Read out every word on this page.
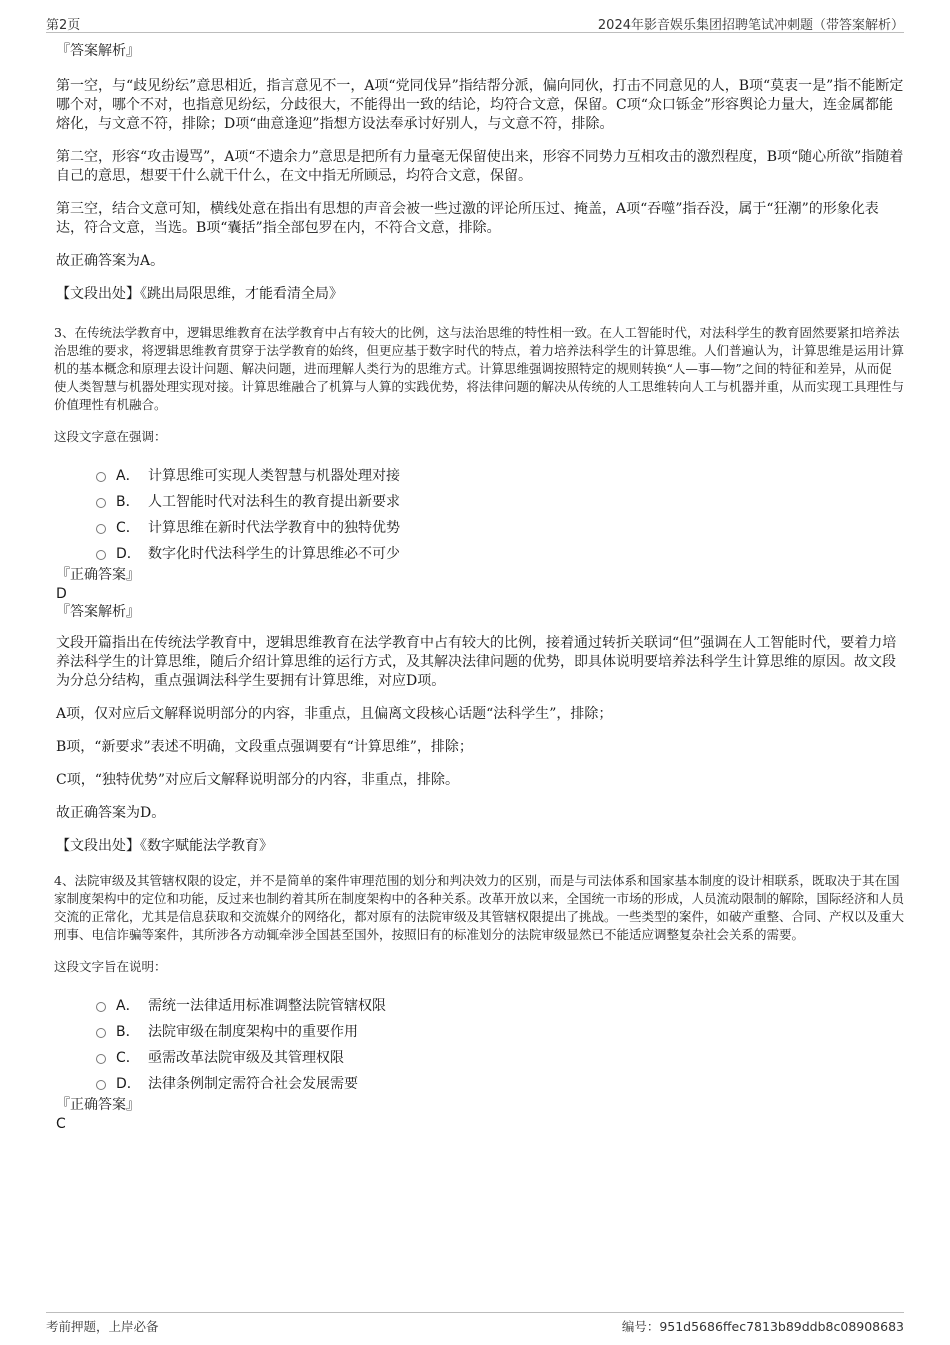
第2页	2024年影音娱乐集团招聘笔试冲刺题（带答案解析）

『答案解析』

第一空，与“歧见纷纭”意思相近，指言意见不一，A项“党同伐异”指结帮分派，偏向同伙，打击不同意见的人，B项“莫衷一是”指不能断定哪个对，哪个不对，也指意见纷纭，分歧很大，不能得出一致的结论，均符合文意，保留。C项“众口铄金”形容舆论力量大，连金属都能熔化，与文意不符，排除；D项“曲意逢迎”指想方设法奉承讨好别人，与文意不符，排除。

第二空，形容“攻击谩骂”，A项“不遗余力”意思是把所有力量毫无保留使出来，形容不同势力互相攻击的激烈程度，B项“随心所欲”指随着自己的意思，想要干什么就干什么，在文中指无所顾忌，均符合文意，保留。

第三空，结合文意可知，横线处意在指出有思想的声音会被一些过激的评论所压过、掩盖，A项“吞噬”指吞没，属于“狂潮”的形象化表达，符合文意，当选。B项“囊括”指全部包罗在内，不符合文意，排除。

故正确答案为A。

【文段出处】《跳出局限思维，才能看清全局》

3、在传统法学教育中，逻辑思维教育在法学教育中占有较大的比例，这与法治思维的特性相一致。在人工智能时代，对法科学生的教育固然要紧扣培养法治思维的要求，将逻辑思维教育贯穿于法学教育的始终，但更应基于数字时代的特点，着力培养法科学生的计算思维。人们普遍认为，计算思维是运用计算机的基本概念和原理去设计问题、解决问题，进而理解人类行为的思维方式。计算思维强调按照特定的规则转换“人—事—物”之间的特征和差异，从而促使人类智慧与机器处理实现对接。计算思维融合了机算与人算的实践优势，将法律问题的解决从传统的人工思维转向人工与机器并重，从而实现工具理性与价值理性有机融合。

这段文字意在强调：

A． 计算思维可实现人类智慧与机器处理对接
B． 人工智能时代对法科生的教育提出新要求
C． 计算思维在新时代法学教育中的独特优势
D． 数字化时代法科学生的计算思维必不可少

『正确答案』

D

『答案解析』

文段开篇指出在传统法学教育中，逻辑思维教育在法学教育中占有较大的比例，接着通过转折关联词“但”强调在人工智能时代，要着力培养法科学生的计算思维，随后介绍计算思维的运行方式，及其解决法律问题的优势，即具体说明要培养法科学生计算思维的原因。故文段为分总分结构，重点强调法科学生要拥有计算思维，对应D项。

A项，仅对应后文解释说明部分的内容，非重点，且偏离文段核心话题“法科学生”，排除；

B项，“新要求”表述不明确，文段重点强调要有“计算思维”，排除；

C项，“独特优势”对应后文解释说明部分的内容，非重点，排除。

故正确答案为D。

【文段出处】《数字赋能法学教育》

4、法院审级及其管辖权限的设定，并不是简单的案件审理范围的划分和判决效力的区别，而是与司法体系和国家基本制度的设计相联系，既取决于其在国家制度架构中的定位和功能，反过来也制约着其所在制度架构中的各种关系。改革开放以来，全国统一市场的形成，人员流动限制的解除，国际经济和人员交流的正常化，尤其是信息获取和交流媒介的网络化，都对原有的法院审级及其管辖权限提出了挑战。一些类型的案件，如破产重整、合同、产权以及重大刑事、电信诈骗等案件，其所涉各方动辄牵涉全国甚至国外，按照旧有的标准划分的法院审级显然已不能适应调整复杂社会关系的需要。

这段文字旨在说明：

A． 需统一法律适用标准调整法院管辖权限
B． 法院审级在制度架构中的重要作用
C． 亟需改革法院审级及其管理权限
D． 法律条例制定需符合社会发展需要

『正确答案』

C

考前押题，上岸必备	编号：951d5686ffec7813b89ddb8c08908683
